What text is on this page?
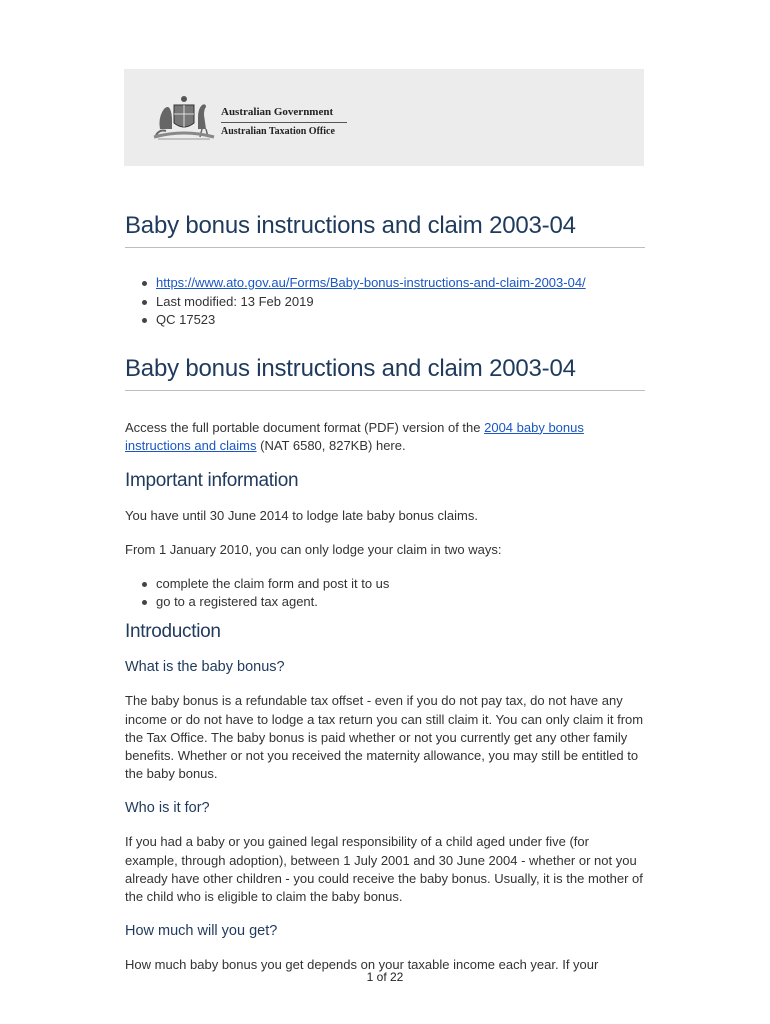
Australian Government
Australian Taxation Office
Baby bonus instructions and claim 2003-04
https://www.ato.gov.au/Forms/Baby-bonus-instructions-and-claim-2003-04/
Last modified: 13 Feb 2019
QC 17523
Baby bonus instructions and claim 2003-04

Access the full portable document format (PDF) version of the 2004 baby bonus instructions and claims (NAT 6580, 827KB) here.

Important information

You have until 30 June 2014 to lodge late baby bonus claims.

From 1 January 2010, you can only lodge your claim in two ways:

complete the claim form and post it to us
go to a registered tax agent.
Introduction
What is the baby bonus?

The baby bonus is a refundable tax offset - even if you do not pay tax, do not have any income or do not have to lodge a tax return you can still claim it. You can only claim it from the Tax Office. The baby bonus is paid whether or not you currently get any other family benefits. Whether or not you received the maternity allowance, you may still be entitled to the baby bonus.

Who is it for?

If you had a baby or you gained legal responsibility of a child aged under five (for example, through adoption), between 1 July 2001 and 30 June 2004 - whether or not you already have other children - you could receive the baby bonus. Usually, it is the mother of the child who is eligible to claim the baby bonus.

How much will you get?

How much baby bonus you get depends on your taxable income each year. If your

1 of 22
